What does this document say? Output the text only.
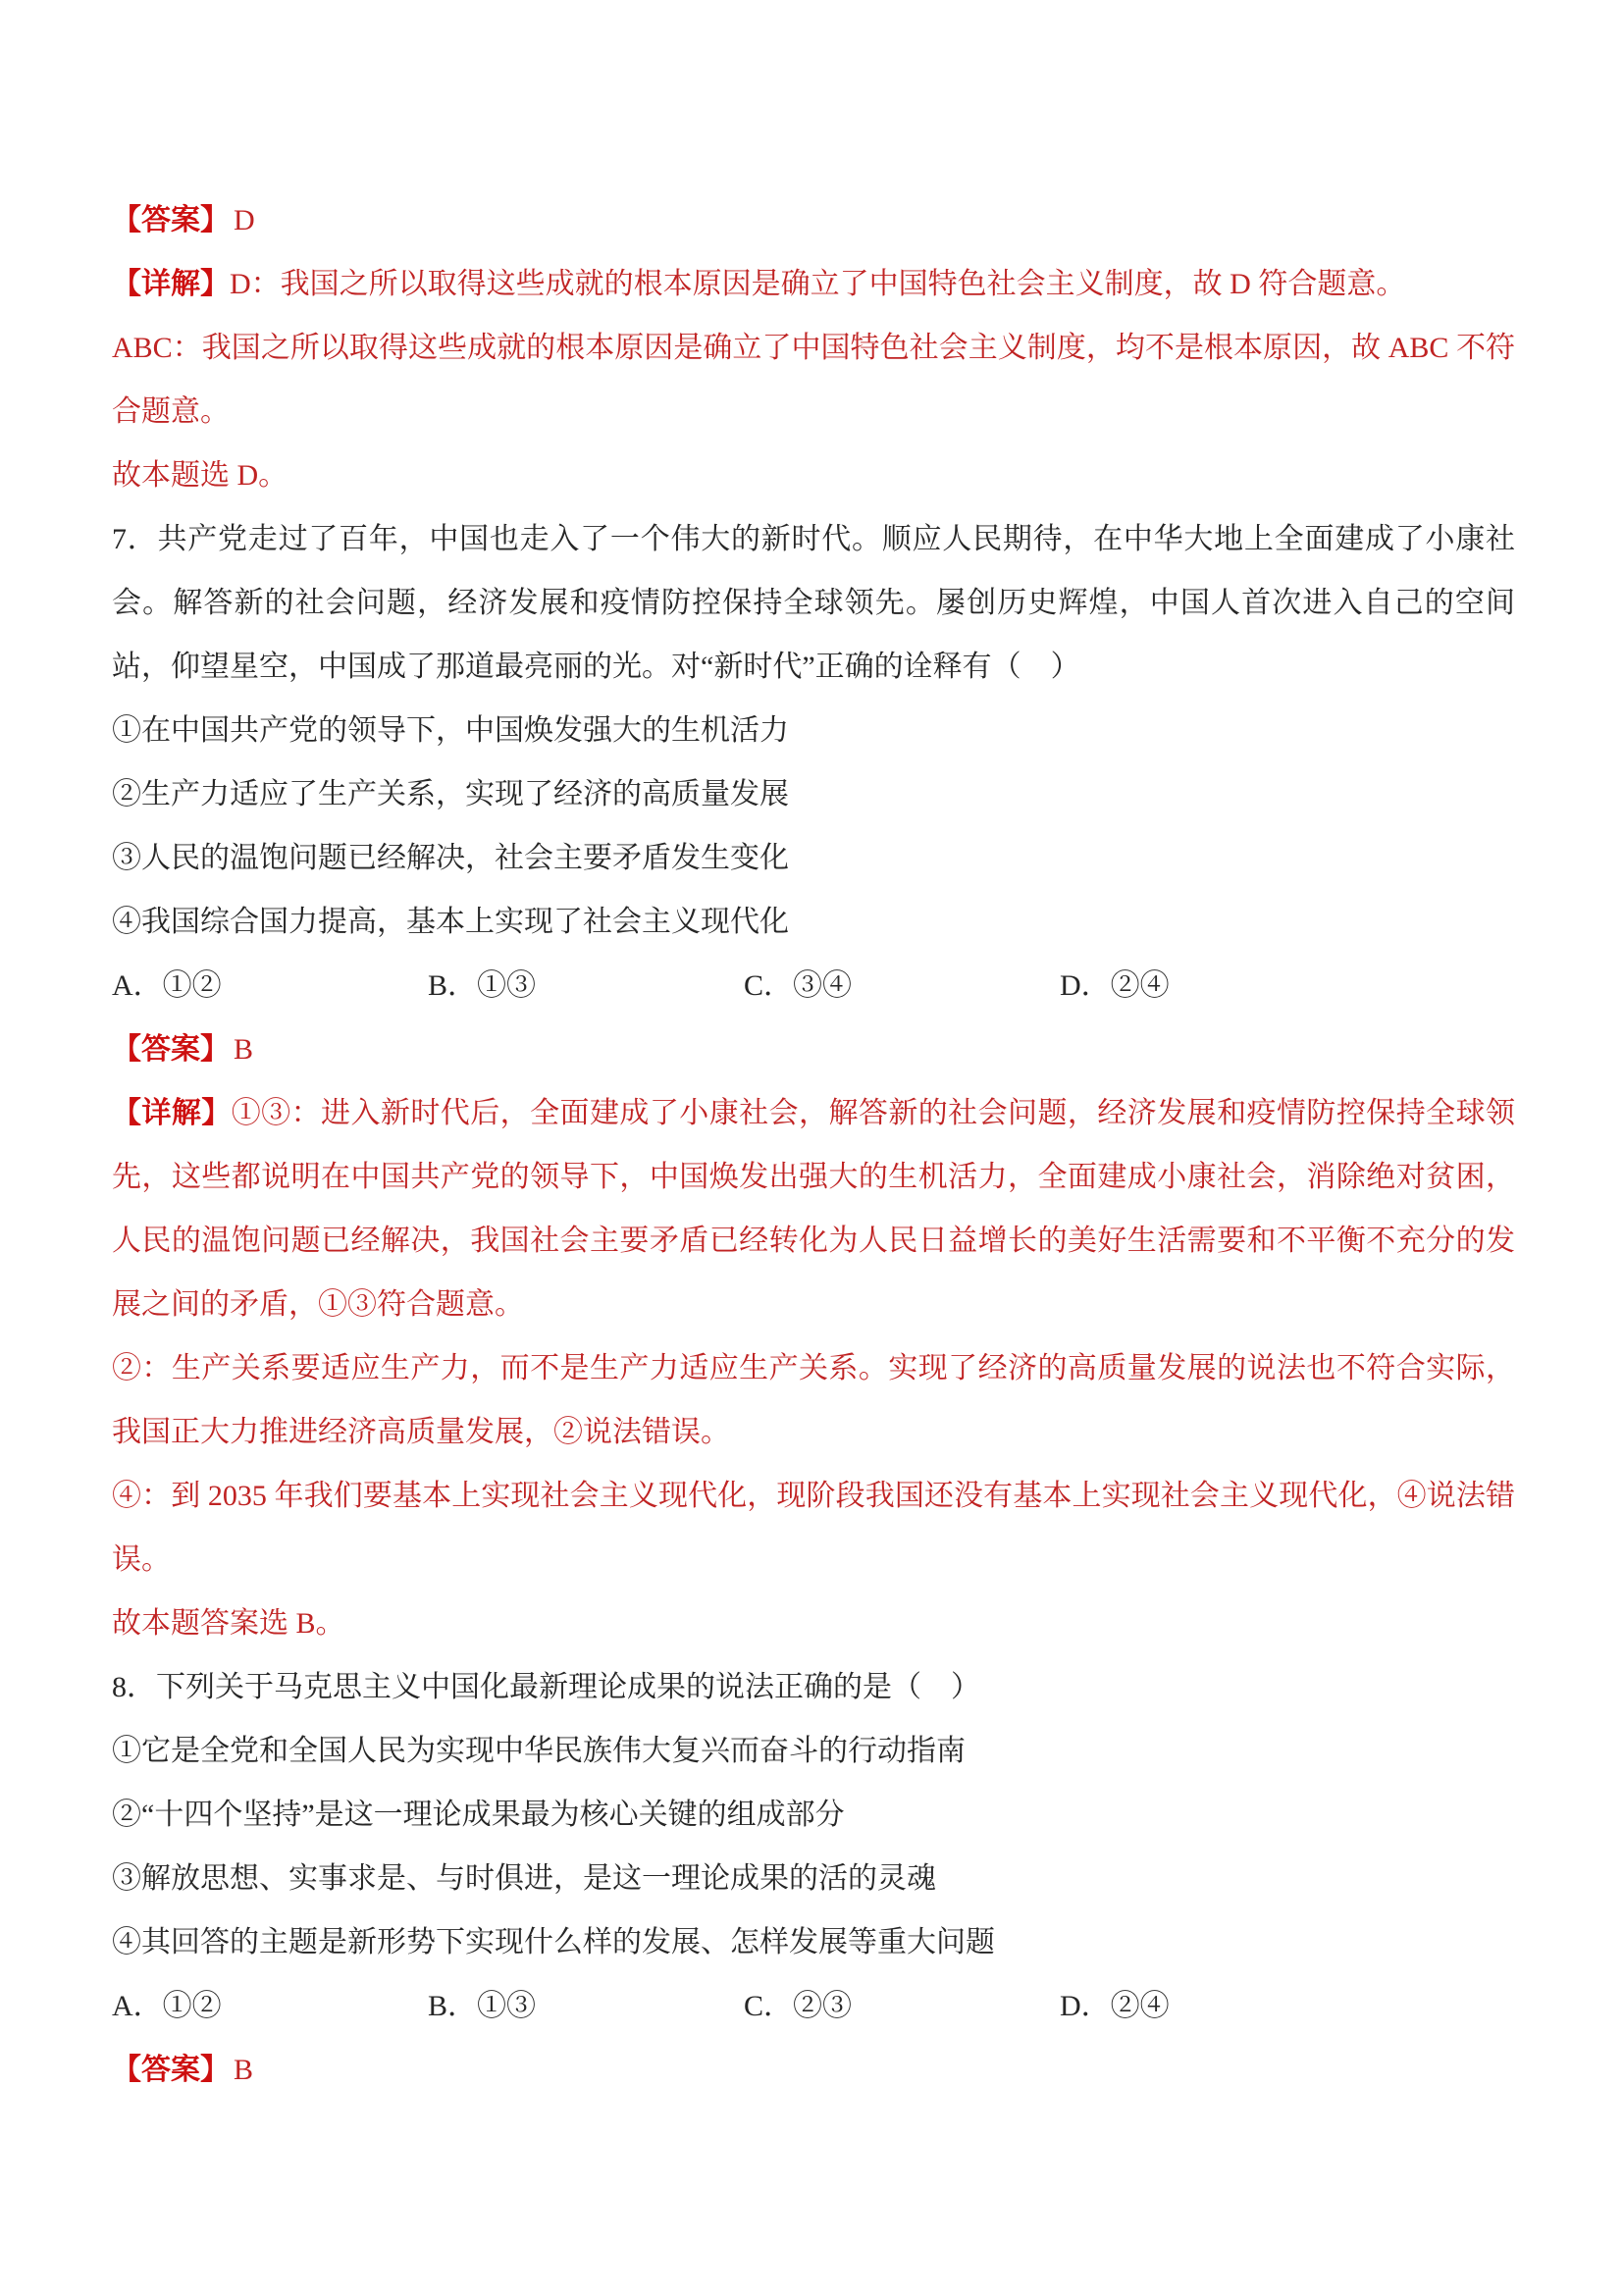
【答案】 D

【详解】D：我国之所以取得这些成就的根本原因是确立了中国特色社会主义制度，故 D 符合题意。

ABC：我国之所以取得这些成就的根本原因是确立了中国特色社会主义制度，均不是根本原因，故 ABC 不符合题意。

故本题选 D。

7．共产党走过了百年，中国也走入了一个伟大的新时代。顺应人民期待，在中华大地上全面建成了小康社会。解答新的社会问题，经济发展和疫情防控保持全球领先。屡创历史辉煌，中国人首次进入自己的空间站，仰望星空，中国成了那道最亮丽的光。对“新时代”正确的诠释有（　）

①在中国共产党的领导下，中国焕发强大的生机活力

②生产力适应了生产关系，实现了经济的高质量发展

③人民的温饱问题已经解决，社会主要矛盾发生变化

④我国综合国力提高，基本上实现了社会主义现代化

A．①②	B．①③	C．③④	D．②④

【答案】 B

【详解】①③：进入新时代后，全面建成了小康社会，解答新的社会问题，经济发展和疫情防控保持全球领先，这些都说明在中国共产党的领导下，中国焕发出强大的生机活力，全面建成小康社会，消除绝对贫困，人民的温饱问题已经解决，我国社会主要矛盾已经转化为人民日益增长的美好生活需要和不平衡不充分的发展之间的矛盾，①③符合题意。

②：生产关系要适应生产力，而不是生产力适应生产关系。实现了经济的高质量发展的说法也不符合实际，我国正大力推进经济高质量发展，②说法错误。

④：到 2035 年我们要基本上实现社会主义现代化，现阶段我国还没有基本上实现社会主义现代化，④说法错误。

故本题答案选 B。

8．下列关于马克思主义中国化最新理论成果的说法正确的是（　）

①它是全党和全国人民为实现中华民族伟大复兴而奋斗的行动指南

②“十四个坚持”是这一理论成果最为核心关键的组成部分

③解放思想、实事求是、与时俱进，是这一理论成果的活的灵魂

④其回答的主题是新形势下实现什么样的发展、怎样发展等重大问题

A．①②	B．①③	C．②③	D．②④

【答案】 B
